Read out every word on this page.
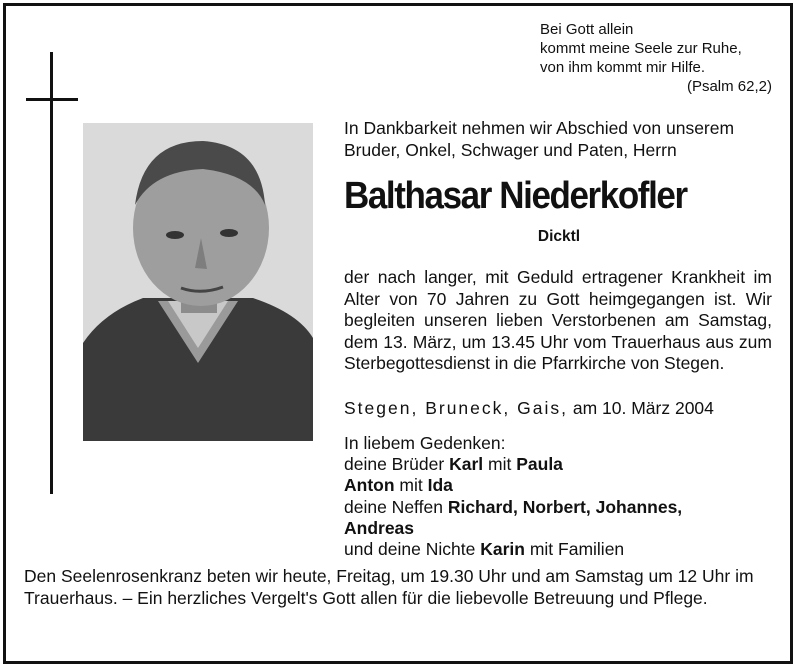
Bei Gott allein
kommt meine Seele zur Ruhe,
von ihm kommt mir Hilfe.
(Psalm 62,2)
In Dankbarkeit nehmen wir Abschied von unserem
Bruder, Onkel, Schwager und Paten, Herrn
Balthasar Niederkofler
Dicktl
der nach langer, mit Geduld ertragener Krankheit im Alter von 70 Jahren zu Gott heimgegangen ist. Wir begleiten unseren lieben Verstorbenen am Samstag, dem 13. März, um 13.45 Uhr vom Trauerhaus aus zum Sterbegottesdienst in die Pfarrkirche von Stegen.
Stegen, Bruneck, Gais, am 10. März 2004
In liebem Gedenken:
deine Brüder Karl mit Paula
Anton mit Ida
deine Neffen Richard, Norbert, Johannes,
Andreas
und deine Nichte Karin mit Familien
Den Seelenrosenkranz beten wir heute, Freitag, um 19.30 Uhr und am Samstag um 12 Uhr im Trauerhaus. – Ein herzliches Vergelt's Gott allen für die liebevolle Betreuung und Pflege.
